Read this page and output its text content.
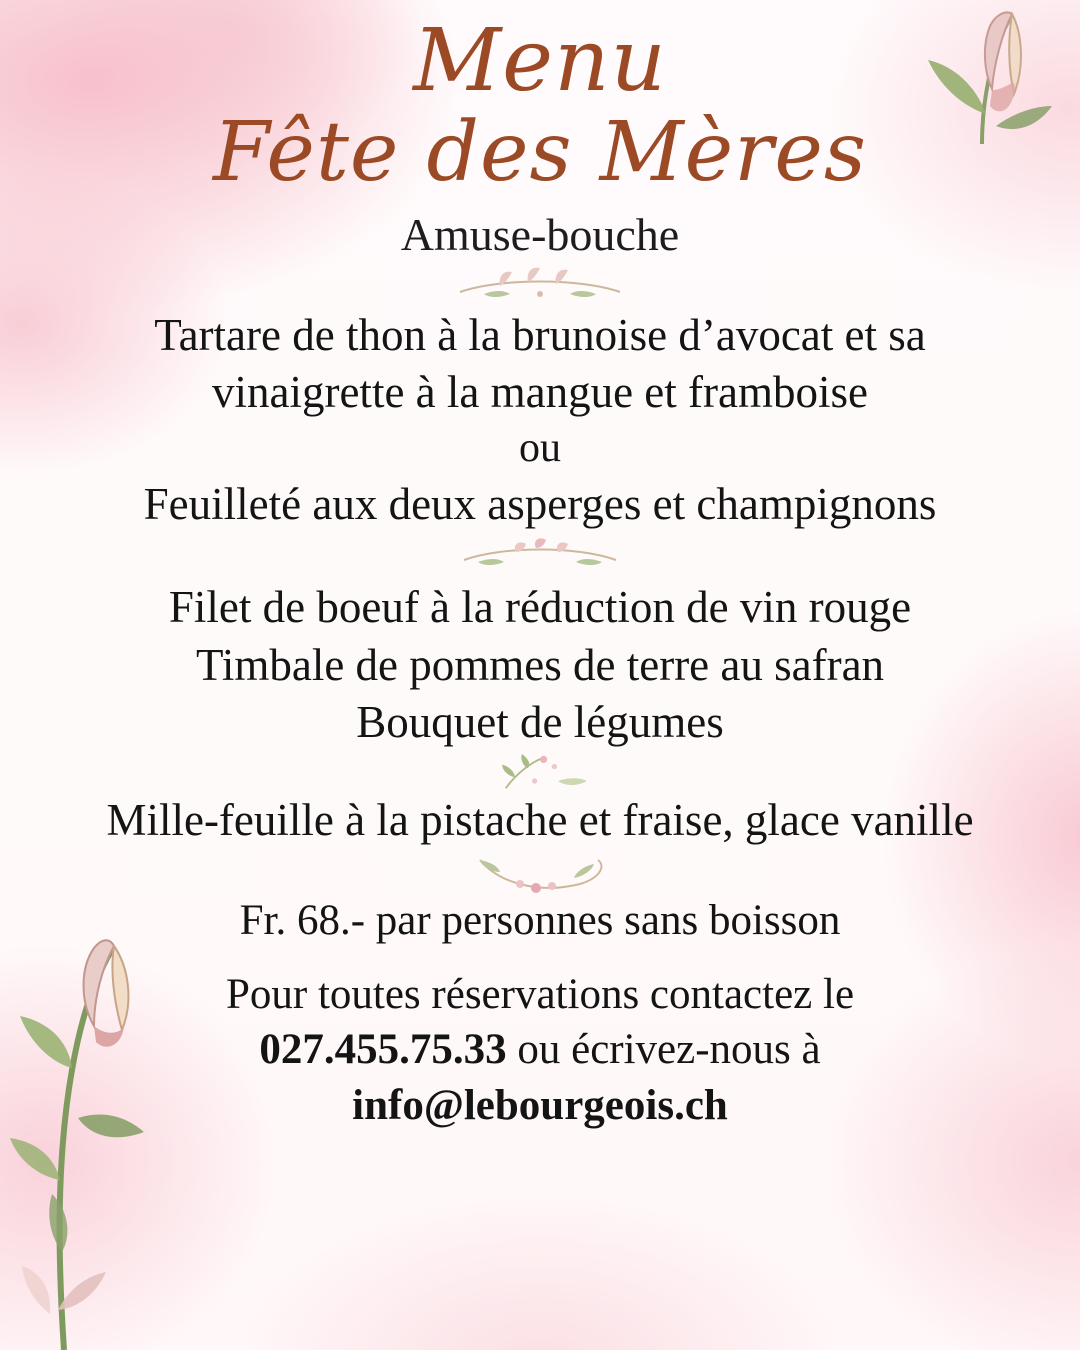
Menu
Fête des Mères
Amuse-bouche
Tartare de thon à la brunoise d’avocat et sa
vinaigrette à la mangue et framboise
ou
Feuilleté aux deux asperges et champignons
Filet de boeuf à la réduction de vin rouge
Timbale de pommes de terre au safran
Bouquet de légumes
Mille-feuille à la pistache et fraise, glace vanille
Fr. 68.- par personnes sans boisson
Pour toutes réservations contactez le
027.455.75.33 ou écrivez-nous à
info@lebourgeois.ch
